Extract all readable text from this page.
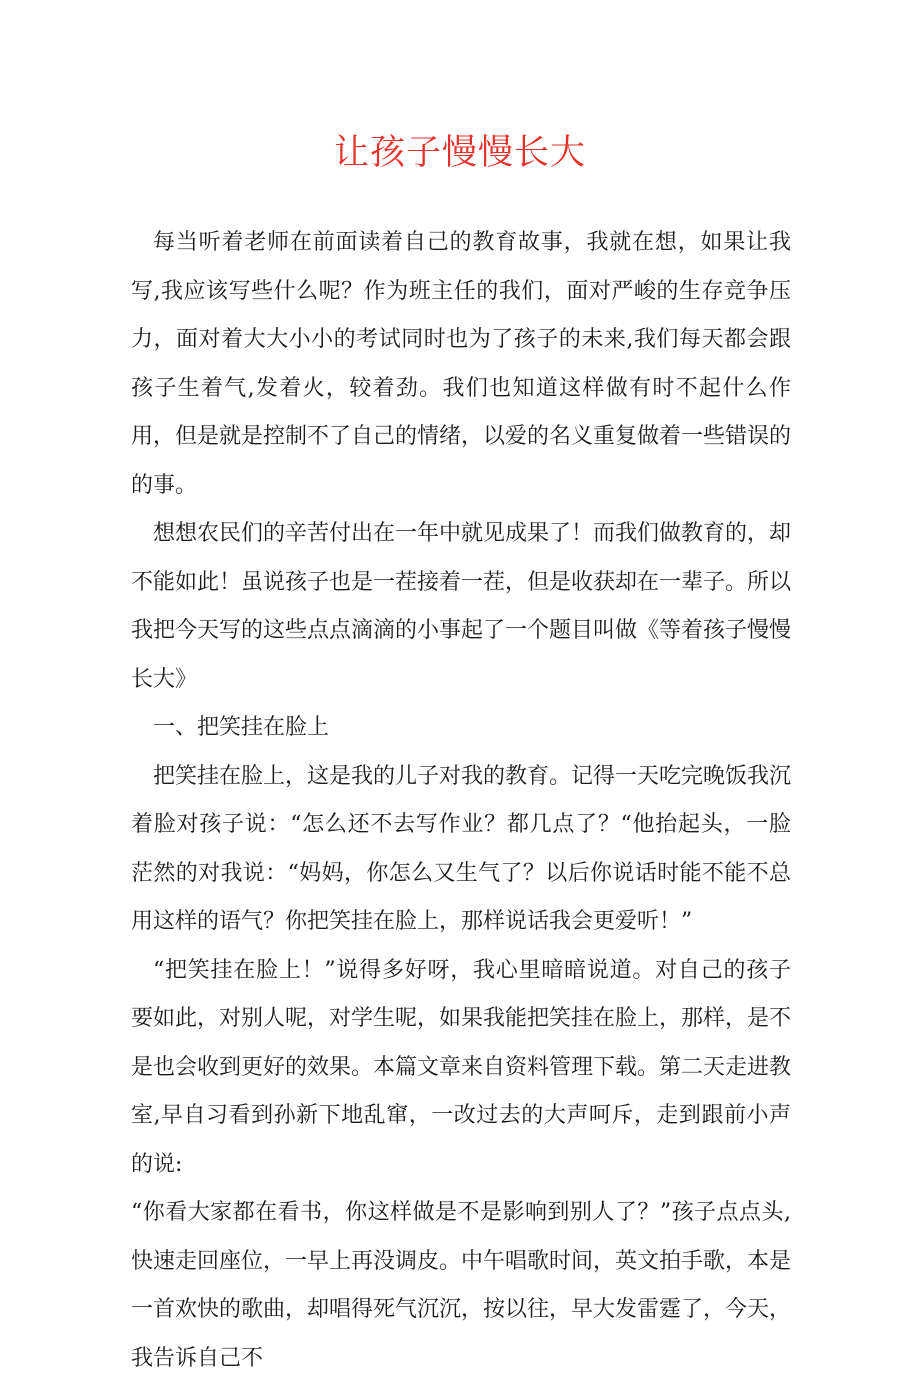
让孩子慢慢长大

每当听着老师在前面读着自己的教育故事，我就在想，如果让我写,我应该写些什么呢？作为班主任的我们，面对严峻的生存竞争压力，面对着大大小小的考试同时也为了孩子的未来,我们每天都会跟孩子生着气,发着火，较着劲。我们也知道这样做有时不起什么作用，但是就是控制不了自己的情绪，以爱的名义重复做着一些错误的的事。

想想农民们的辛苦付出在一年中就见成果了！而我们做教育的，却不能如此！虽说孩子也是一茬接着一茬，但是收获却在一辈子。所以我把今天写的这些点点滴滴的小事起了一个题目叫做《等着孩子慢慢长大》

一、把笑挂在脸上

把笑挂在脸上，这是我的儿子对我的教育。记得一天吃完晚饭我沉着脸对孩子说：“怎么还不去写作业？都几点了？“他抬起头，一脸茫然的对我说：“妈妈，你怎么又生气了？以后你说话时能不能不总用这样的语气？你把笑挂在脸上，那样说话我会更爱听！”

“把笑挂在脸上！”说得多好呀，我心里暗暗说道。对自己的孩子要如此，对别人呢，对学生呢，如果我能把笑挂在脸上，那样，是不是也会收到更好的效果。本篇文章来自资料管理下载。第二天走进教室,早自习看到孙新下地乱窜，一改过去的大声呵斥，走到跟前小声的说:

“你看大家都在看书，你这样做是不是影响到别人了？”孩子点点头,快速走回座位，一早上再没调皮。中午唱歌时间，英文拍手歌，本是一首欢快的歌曲，却唱得死气沉沉，按以往，早大发雷霆了，今天，我告诉自己不
